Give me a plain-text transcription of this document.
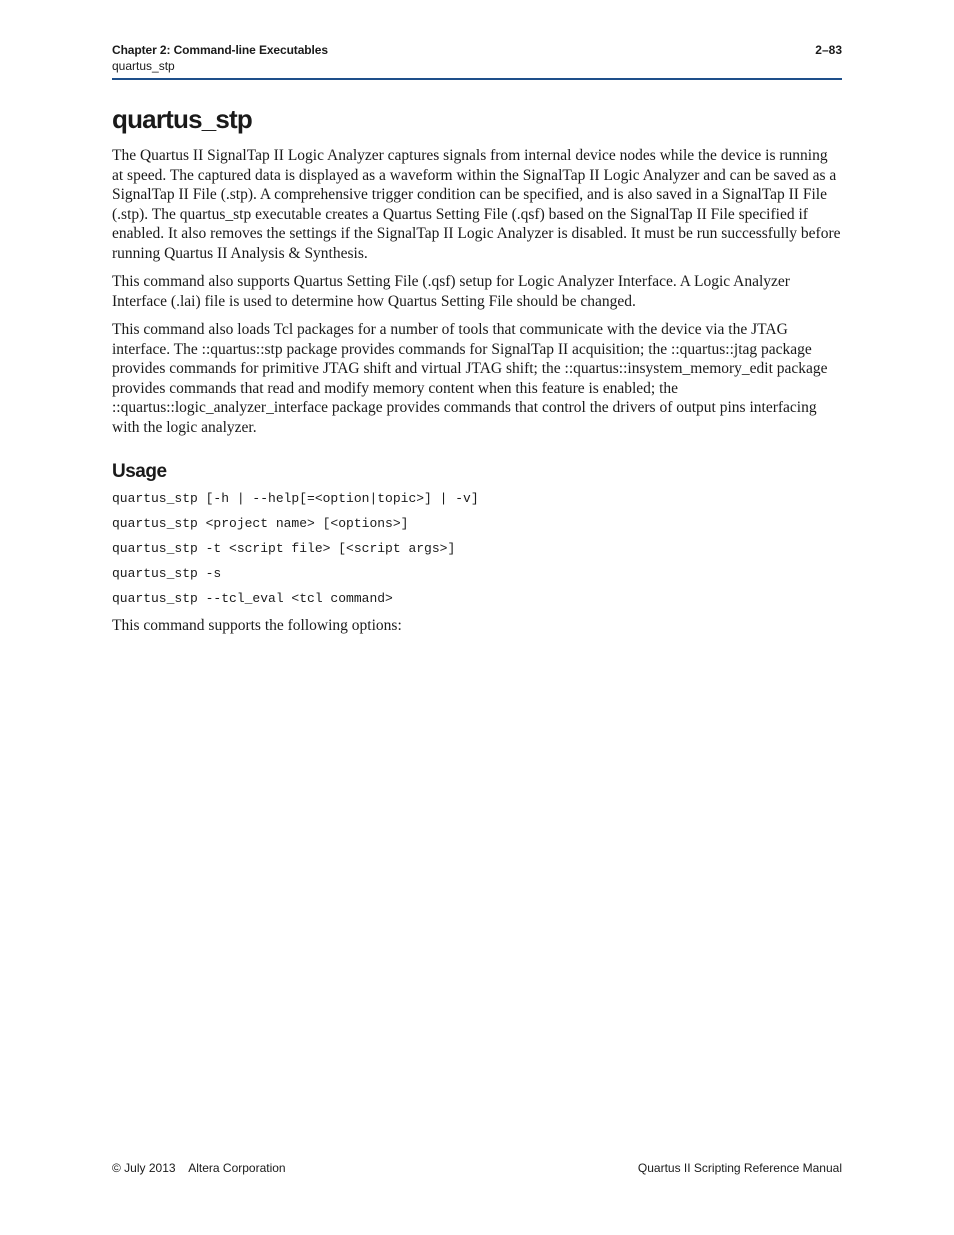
Chapter 2: Command-line Executables	2–83
quartus_stp
quartus_stp

The Quartus II SignalTap II Logic Analyzer captures signals from internal device nodes while the device is running at speed. The captured data is displayed as a waveform within the SignalTap II Logic Analyzer and can be saved as a SignalTap II File (.stp). A comprehensive trigger condition can be specified, and is also saved in a SignalTap II File (.stp). The quartus_stp executable creates a Quartus Setting File (.qsf) based on the SignalTap II File specified if enabled. It also removes the settings if the SignalTap II Logic Analyzer is disabled. It must be run successfully before running Quartus II Analysis & Synthesis.

This command also supports Quartus Setting File (.qsf) setup for Logic Analyzer Interface. A Logic Analyzer Interface (.lai) file is used to determine how Quartus Setting File should be changed.

This command also loads Tcl packages for a number of tools that communicate with the device via the JTAG interface. The ::quartus::stp package provides commands for SignalTap II acquisition; the ::quartus::jtag package provides commands for primitive JTAG shift and virtual JTAG shift; the ::quartus::insystem_memory_edit package provides commands that read and modify memory content when this feature is enabled; the ::quartus::logic_analyzer_interface package provides commands that control the drivers of output pins interfacing with the logic analyzer.

Usage
quartus_stp [-h | --help[=<option|topic>] | -v]
quartus_stp <project name> [<options>]
quartus_stp -t <script file> [<script args>]
quartus_stp -s
quartus_stp --tcl_eval <tcl command>

This command supports the following options:

© July 2013    Altera Corporation	Quartus II Scripting Reference Manual
